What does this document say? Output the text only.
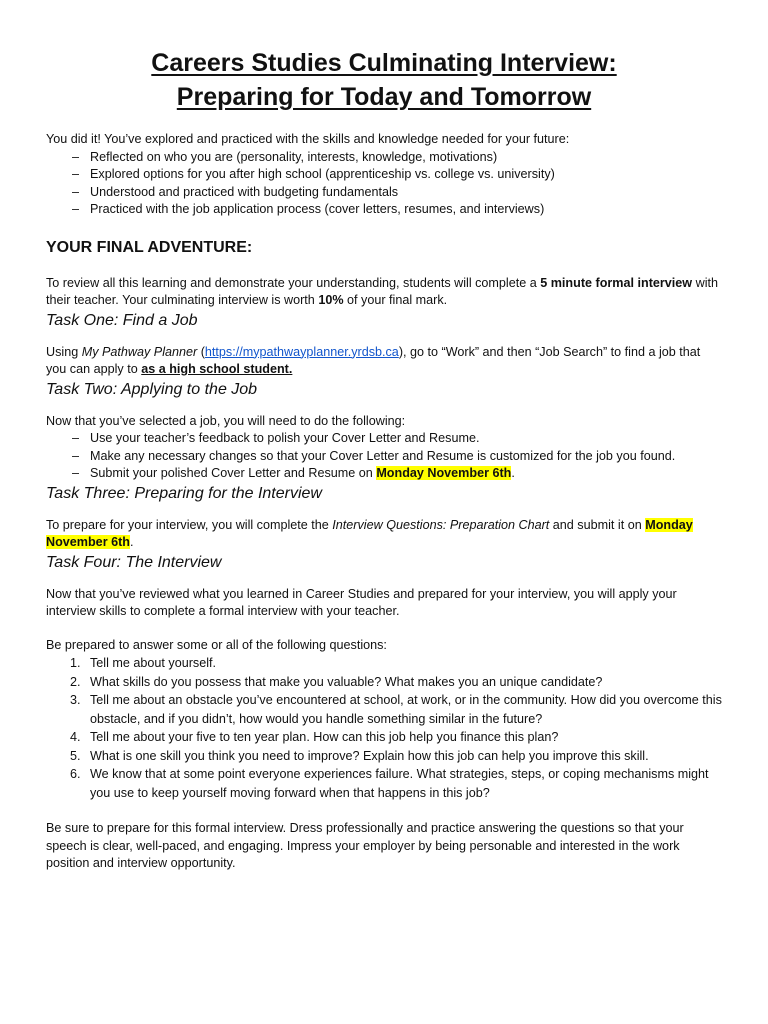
Careers Studies Culminating Interview:
Preparing for Today and Tomorrow

You did it! You’ve explored and practiced with the skills and knowledge needed for your future:

– Reflected on who you are (personality, interests, knowledge, motivations)
– Explored options for you after high school (apprenticeship vs. college vs. university)
– Understood and practiced with budgeting fundamentals
– Practiced with the job application process (cover letters, resumes, and interviews)
YOUR FINAL ADVENTURE:

To review all this learning and demonstrate your understanding, students will complete a 5 minute formal interview with their teacher. Your culminating interview is worth 10% of your final mark.

Task One: Find a Job

Using My Pathway Planner (https://mypathwayplanner.yrdsb.ca), go to “Work” and then “Job Search” to find a job that you can apply to as a high school student.

Task Two: Applying to the Job

Now that you’ve selected a job, you will need to do the following:

– Use your teacher’s feedback to polish your Cover Letter and Resume.
– Make any necessary changes so that your Cover Letter and Resume is customized for the job you found.
– Submit your polished Cover Letter and Resume on Monday November 6th.
Task Three: Preparing for the Interview

To prepare for your interview, you will complete the Interview Questions: Preparation Chart and submit it on Monday November 6th.

Task Four: The Interview

Now that you’ve reviewed what you learned in Career Studies and prepared for your interview, you will apply your interview skills to complete a formal interview with your teacher.

Be prepared to answer some or all of the following questions:

1. Tell me about yourself.
2. What skills do you possess that make you valuable? What makes you an unique candidate?
3. Tell me about an obstacle you’ve encountered at school, at work, or in the community. How did you overcome this obstacle, and if you didn’t, how would you handle something similar in the future?
4. Tell me about your five to ten year plan. How can this job help you finance this plan?
5. What is one skill you think you need to improve? Explain how this job can help you improve this skill.
6. We know that at some point everyone experiences failure. What strategies, steps, or coping mechanisms might you use to keep yourself moving forward when that happens in this job?

Be sure to prepare for this formal interview. Dress professionally and practice answering the questions so that your speech is clear, well-paced, and engaging. Impress your employer by being personable and interested in the work position and interview opportunity.
